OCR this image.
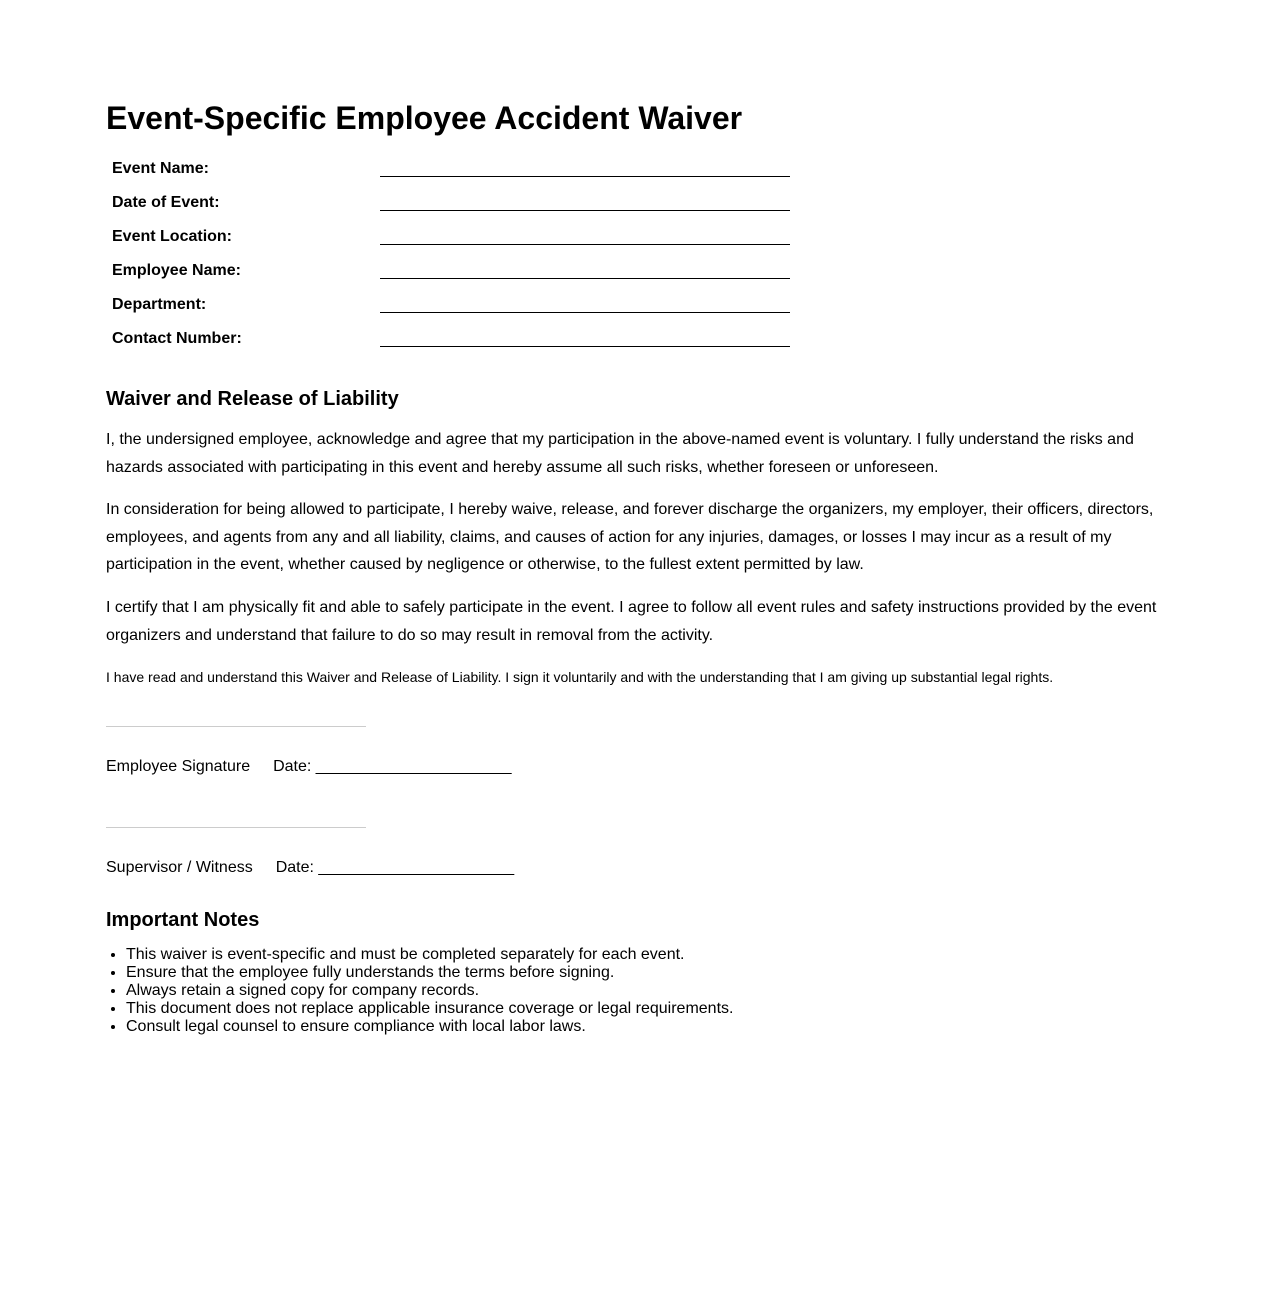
Event-Specific Employee Accident Waiver
Event Name:
Date of Event:
Event Location:
Employee Name:
Department:
Contact Number:
Waiver and Release of Liability

I, the undersigned employee, acknowledge and agree that my participation in the above-named event is voluntary. I fully understand the risks and hazards associated with participating in this event and hereby assume all such risks, whether foreseen or unforeseen.

In consideration for being allowed to participate, I hereby waive, release, and forever discharge the organizers, my employer, their officers, directors, employees, and agents from any and all liability, claims, and causes of action for any injuries, damages, or losses I may incur as a result of my participation in the event, whether caused by negligence or otherwise, to the fullest extent permitted by law.

I certify that I am physically fit and able to safely participate in the event. I agree to follow all event rules and safety instructions provided by the event organizers and understand that failure to do so may result in removal from the activity.

I have read and understand this Waiver and Release of Liability. I sign it voluntarily and with the understanding that I am giving up substantial legal rights.

Employee Signature Date: ______________________
Supervisor / Witness Date: ______________________
Important Notes
• This waiver is event-specific and must be completed separately for each event.
• Ensure that the employee fully understands the terms before signing.
• Always retain a signed copy for company records.
• This document does not replace applicable insurance coverage or legal requirements.
• Consult legal counsel to ensure compliance with local labor laws.
